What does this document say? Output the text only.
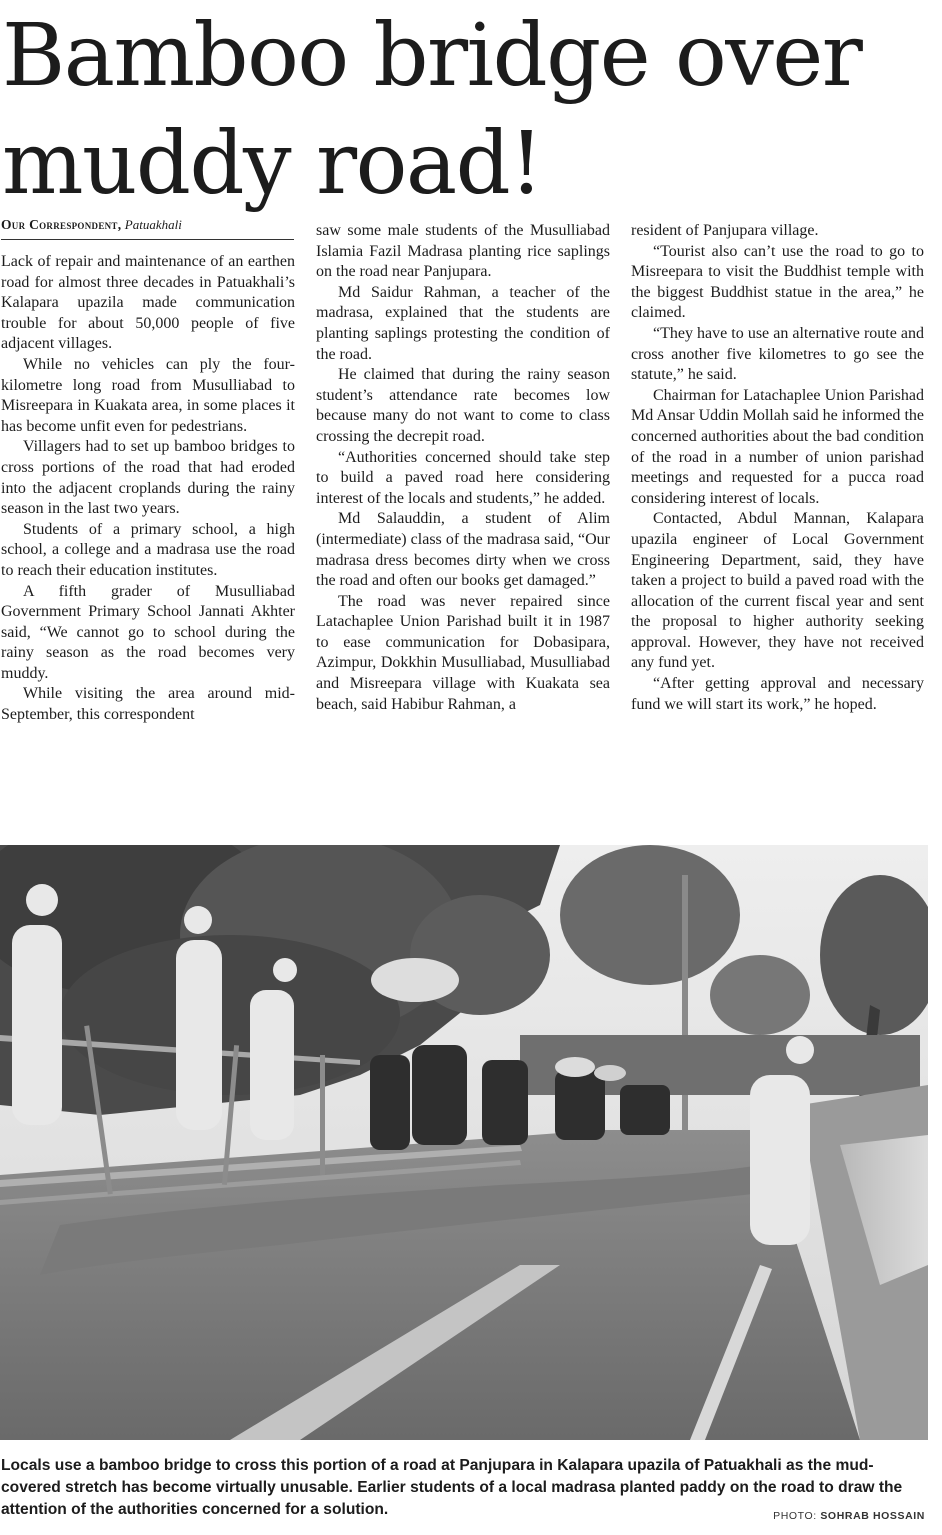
Bamboo bridge over muddy road!
Our Correspondent, Patuakhali

Lack of repair and maintenance of an earthen road for almost three decades in Patuakhali’s Kalapara upazila made communication trouble for about 50,000 people of five adjacent villages.

While no vehicles can ply the four-kilometre long road from Musulliabad to Misreepara in Kuakata area, in some places it has become unfit even for pedestrians.

Villagers had to set up bamboo bridges to cross portions of the road that had eroded into the adjacent croplands during the rainy season in the last two years.

Students of a primary school, a high school, a college and a madrasa use the road to reach their education institutes.

A fifth grader of Musulliabad Government Primary School Jannati Akhter said, “We cannot go to school during the rainy season as the road becomes very muddy.

While visiting the area around mid-September, this correspondent

saw some male students of the Musulliabad Islamia Fazil Madrasa planting rice saplings on the road near Panjupara.

Md Saidur Rahman, a teacher of the madrasa, explained that the students are planting saplings protesting the condition of the road.

He claimed that during the rainy season student’s attendance rate becomes low because many do not want to come to class crossing the decrepit road.

“Authorities concerned should take step to build a paved road here considering interest of the locals and students,” he added.

Md Salauddin, a student of Alim (intermediate) class of the madrasa said, “Our madrasa dress becomes dirty when we cross the road and often our books get damaged.”

The road was never repaired since Latachaplee Union Parishad built it in 1987 to ease communication for Dobasipara, Azimpur, Dokkhin Musulliabad, Musulliabad and Misreepara village with Kuakata sea beach, said Habibur Rahman, a

resident of Panjupara village.

“Tourist also can’t use the road to go to Misreepara to visit the Buddhist temple with the biggest Buddhist statue in the area,” he claimed.

“They have to use an alternative route and cross another five kilometres to go see the statute,” he said.

Chairman for Latachaplee Union Parishad Md Ansar Uddin Mollah said he informed the concerned authorities about the bad condition of the road in a number of union parishad meetings and requested for a pucca road considering interest of locals.

Contacted, Abdul Mannan, Kalapara upazila engineer of Local Government Engineering Department, said, they have taken a project to build a paved road with the allocation of the current fiscal year and sent the proposal to higher authority seeking approval. However, they have not received any fund yet.

“After getting approval and necessary fund we will start its work,” he hoped.

Locals use a bamboo bridge to cross this portion of a road at Panjupara in Kalapara upazila of Patuakhali as the mud-covered stretch has become virtually unusable. Earlier students of a local madrasa planted paddy on the road to draw the attention of the authorities concerned for a solution.	PHOTO: SOHRAB HOSSAIN
